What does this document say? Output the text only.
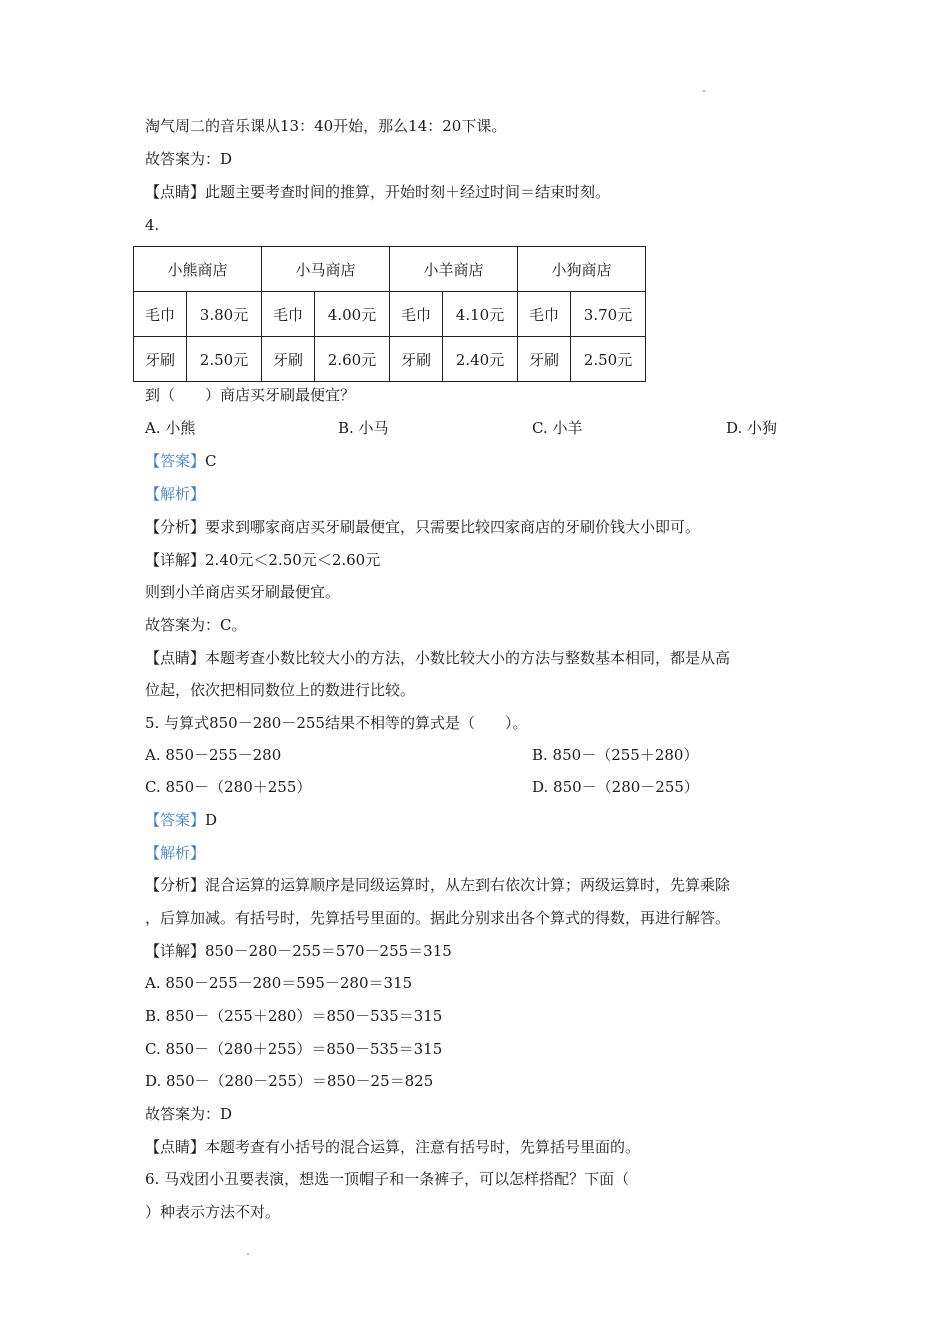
淘气周二的音乐课从13：40开始，那么14：20下课。
故答案为：D
【点睛】此题主要考查时间的推算，开始时刻＋经过时间＝结束时刻。
4.
小熊商店		小马商店		小羊商店		小狗商店	
毛巾	3.80元	毛巾	4.00元	毛巾	4.10元	毛巾	3.70元
牙刷	2.50元	牙刷	2.60元	牙刷	2.40元	牙刷	2.50元
到（　　）商店买牙刷最便宜？
A. 小熊	B. 小马	C. 小羊	D. 小狗
【答案】C
【解析】
【分析】要求到哪家商店买牙刷最便宜，只需要比较四家商店的牙刷价钱大小即可。
【详解】2.40元＜2.50元＜2.60元
则到小羊商店买牙刷最便宜。
故答案为：C。
【点睛】本题考查小数比较大小的方法，小数比较大小的方法与整数基本相同，都是从高
位起，依次把相同数位上的数进行比较。
5. 与算式850－280－255结果不相等的算式是（　　）。
A. 850－255－280	B. 850－（255＋280）
C. 850－（280＋255）	D. 850－（280－255）
【答案】D
【解析】
【分析】混合运算的运算顺序是同级运算时，从左到右依次计算；两级运算时，先算乘除
，后算加减。有括号时，先算括号里面的。据此分别求出各个算式的得数，再进行解答。
【详解】850－280－255＝570－255＝315
A. 850－255－280＝595－280＝315
B. 850－（255＋280）＝850－535＝315
C. 850－（280＋255）＝850－535＝315
D. 850－（280－255）＝850－25＝825
故答案为：D
【点睛】本题考查有小括号的混合运算，注意有括号时，先算括号里面的。
6. 马戏团小丑要表演，想选一顶帽子和一条裤子，可以怎样搭配？下面（
）种表示方法不对。
